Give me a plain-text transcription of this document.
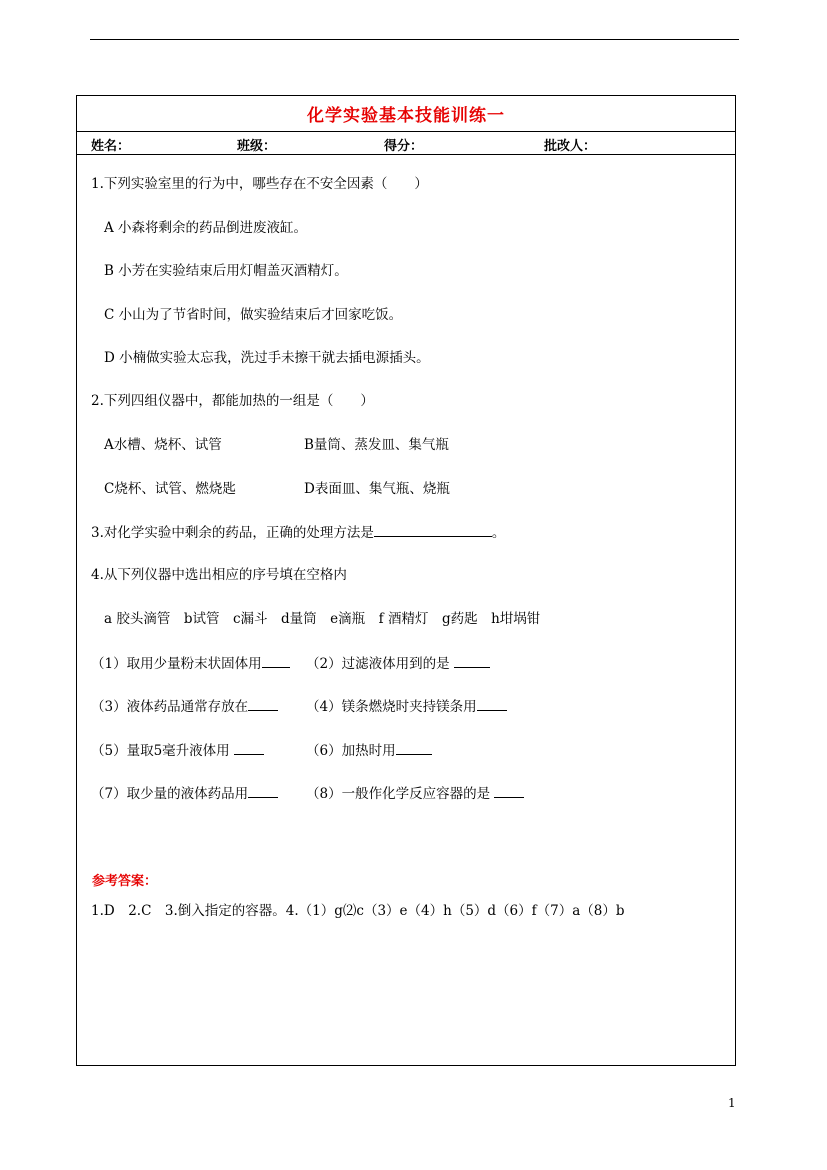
化学实验基本技能训练一
姓名：	班级：	得分：	批改人：
1.下列实验室里的行为中，哪些存在不安全因素（　　）
A 小森将剩余的药品倒进废液缸。
B 小芳在实验结束后用灯帽盖灭酒精灯。
C 小山为了节省时间，做实验结束后才回家吃饭。
D 小楠做实验太忘我，洗过手未擦干就去插电源插头。
2.下列四组仪器中，都能加热的一组是（　　）
A水槽、烧杯、试管	B量筒、蒸发皿、集气瓶
C烧杯、试管、燃烧匙	D表面皿、集气瓶、烧瓶
3.对化学实验中剩余的药品，正确的处理方法是	。
4.从下列仪器中选出相应的序号填在空格内
a 胶头滴管　b试管　c漏斗　d量筒　e滴瓶　f 酒精灯　g药匙　h坩埚钳
（1）取用少量粉末状固体用	（2）过滤液体用到的是
（3）液体药品通常存放在	（4）镁条燃烧时夹持镁条用
（5）量取5毫升液体用	（6）加热时用
（7）取少量的液体药品用	（8）一般作化学反应容器的是
参考答案：
1.D　2.C　3.倒入指定的容器。4.（1）g⑵c（3）e（4）h（5）d（6）f（7）a（8）b
1
